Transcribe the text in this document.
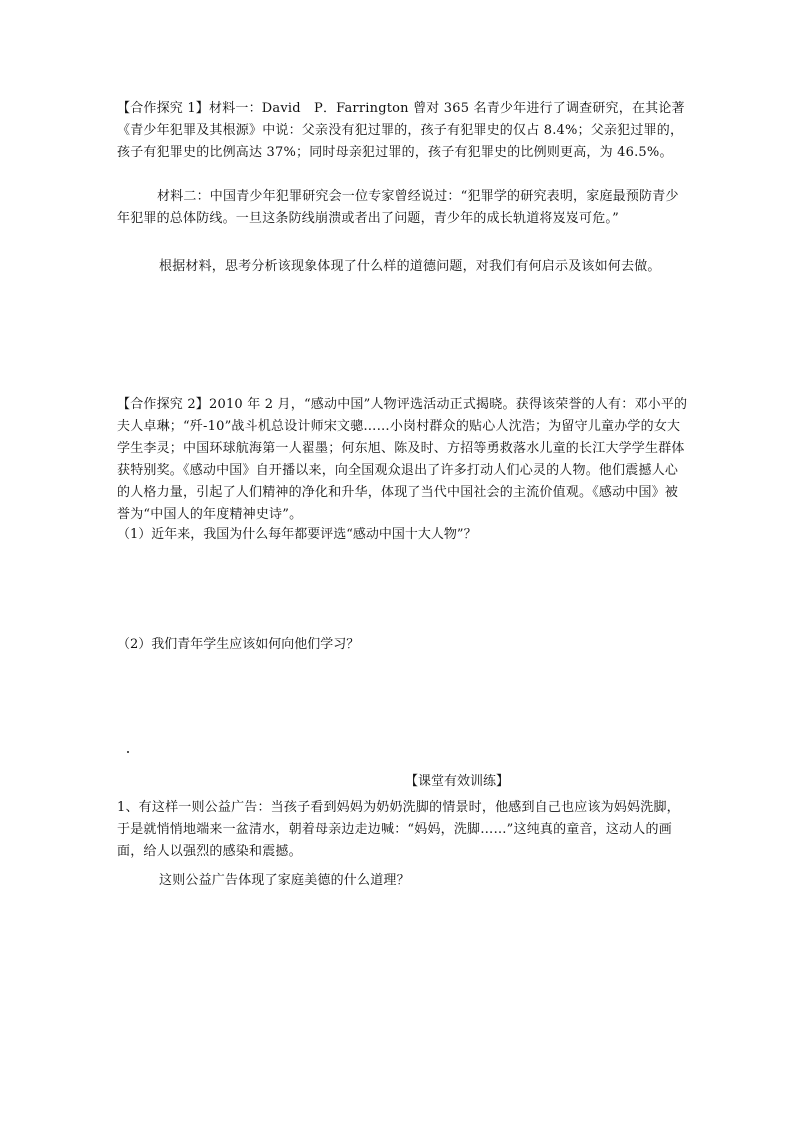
【合作探究 1】材料一：David　P．Farrington 曾对 365 名青少年进行了调查研究，在其论著《青少年犯罪及其根源》中说：父亲没有犯过罪的，孩子有犯罪史的仅占 8.4%；父亲犯过罪的，孩子有犯罪史的比例高达 37%；同时母亲犯过罪的，孩子有犯罪史的比例则更高，为 46.5%。

材料二：中国青少年犯罪研究会一位专家曾经说过：“犯罪学的研究表明，家庭最预防青少年犯罪的总体防线。一旦这条防线崩溃或者出了问题，青少年的成长轨道将岌岌可危。”

根据材料，思考分析该现象体现了什么样的道德问题，对我们有何启示及该如何去做。

【合作探究 2】2010 年 2 月，“感动中国”人物评选活动正式揭晓。获得该荣誉的人有：邓小平的夫人卓琳；“歼-10”战斗机总设计师宋文骢……小岗村群众的贴心人沈浩；为留守儿童办学的女大学生李灵；中国环球航海第一人翟墨；何东旭、陈及时、方招等勇救落水儿童的长江大学学生群体获特别奖。《感动中国》自开播以来，向全国观众退出了许多打动人们心灵的人物。他们震撼人心的人格力量，引起了人们精神的净化和升华，体现了当代中国社会的主流价值观。《感动中国》被誉为“中国人的年度精神史诗”。

（1）近年来，我国为什么每年都要评选“感动中国十大人物”？

（2）我们青年学生应该如何向他们学习？

【课堂有效训练】

1、有这样一则公益广告：当孩子看到妈妈为奶奶洗脚的情景时，他感到自己也应该为妈妈洗脚，于是就悄悄地端来一盆清水，朝着母亲边走边喊：“妈妈，洗脚……”这纯真的童音，这动人的画面，给人以强烈的感染和震撼。

这则公益广告体现了家庭美德的什么道理？
